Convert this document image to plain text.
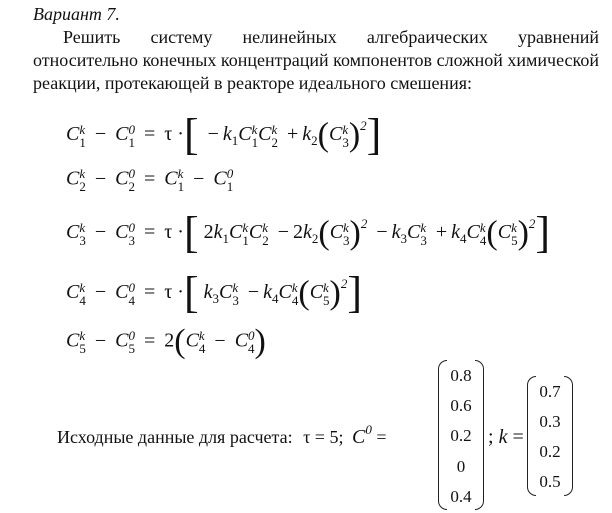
Вариант 7.
Решить систему нелинейных алгебраических уравнений относительно конечных концентраций компонентов сложной химической реакции, протекающей в реакторе идеального смешения:
C k
1 − C 0
1 = τ ·[ − $k_1C$ k
1 C k
$2 + k_2(C$ k
3 )$^2$]
C k
2 − C 0
2 = C k
1 − C 0
1
C k
3 − C 0
3 = τ ·[ $2k_1C$ k
1 C k
$2 - 2k_2(C$ k
3 )$^2 - k_3C$ k
$3 + k_4C$ k
4 (C k
5 )$^2$]
C k
4 − C 0
4 = τ ·[ $k_3C$ k
$3 - k_4C$ k
4 (C k
5 )$^2$]
C k
5 − C 0
5 = 2(C k
4 − C 0
4 )
Исходные данные для расчета: τ = 5; $C^0$ =
0.8
0.6
0.2
0
0.4
; k =
0.7
0.3
0.2
0.5
